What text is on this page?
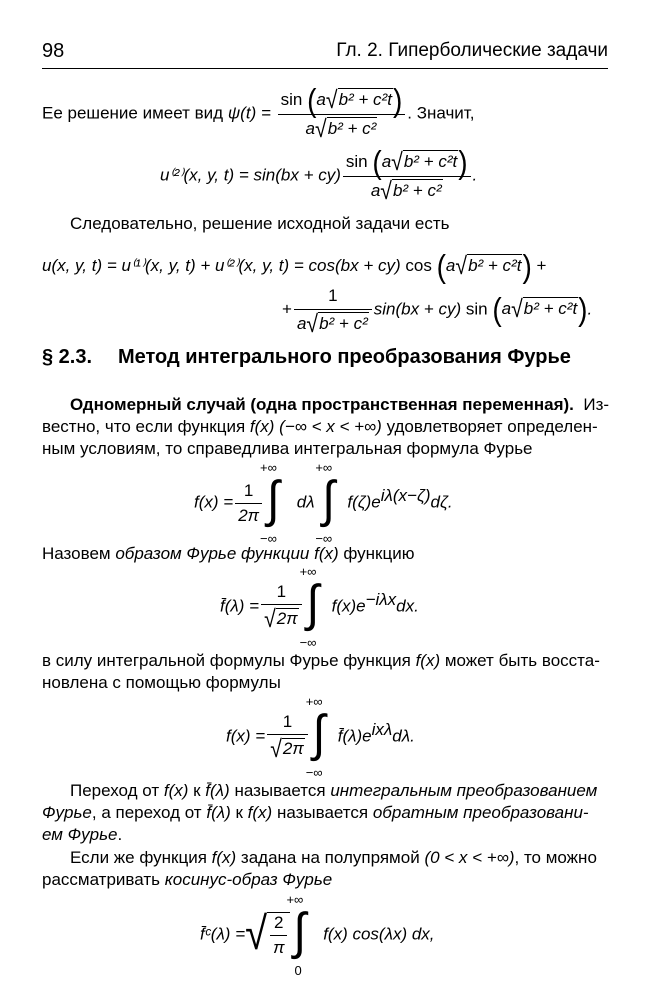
98	Гл. 2. Гиперболические задачи
Ее решение имеет вид $\psi(t) = \frac{\text{sin (a√b² + c²t)}}{\text{a√b² + c²}}$ . Значит,
u⁽²⁾(x, y, $t) = \sin(bx + cy) \frac{\text{sin (a√b² + c²t)}}{\text{a√b² + c²}}$ .
Следовательно, решение исходной задачи есть
u(x, y, t) = u⁽¹⁾(x, y, t) + u⁽²⁾(x, y, t) = cos(bx + cy) cos (a√b² + c²t) +
+ $\frac{1}{\text{a√b² + c²}} \sin(bx + cy)$ sin (a√b² + c²t).
§ 2.3. Метод интегрального преобразования Фурье
Одномерный случай (одна пространственная переменная). Из-
вестно, что если функция f(x) (−∞ < x < +∞) удовлетворяет определен-
ным условиям, то справедлива интегральная формула Фурье
$f(x) = \frac{1}{2\pi}$
+∞
∫
−∞
dλ
+∞
∫
−∞
$f(\zeta)e^{i\lambda(x-\zeta)}d\zeta$.
Назовем образом Фурье функции f(x) функцию
f̄(λ) = $\frac{1}{√2\pi}$
+∞
∫
−∞
$f(x)e^{-i\lambda x}dx$.
в силу интегральной формулы Фурье функция f(x) может быть восста-
новлена с помощью формулы
$f(x) = \frac{1}{√2\pi}$
+∞
∫
−∞
$f̄(\lambda)e^{ix\lambda}d\lambda$.
Переход от f(x) к f̄(λ) называется интегральным преобразованием
Фурье, а переход от f̄(λ) к f(x) называется обратным преобразовани-
ем Фурье.
Если же функция f(x) задана на полупрямой (0 < x < +∞), то можно
рассматривать косинус-образ Фурье
f̄ᶜ(λ) =√ $\frac{2}{\pi}$
+∞
∫
0
f(x) cos(λx) dx,
